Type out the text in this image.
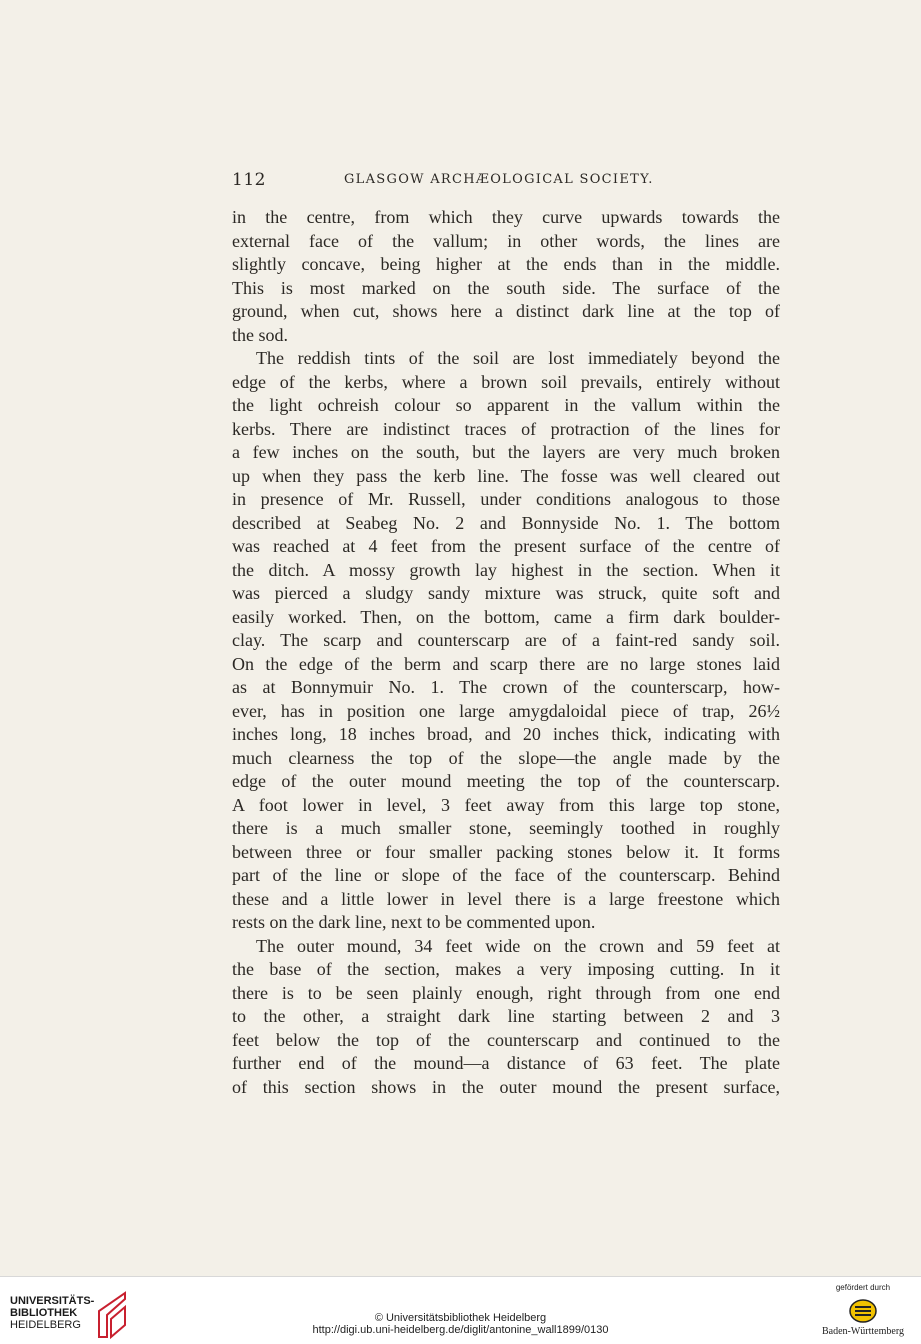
112	GLASGOW ARCHÆOLOGICAL SOCIETY.
in the centre, from which they curve upwards towards the
external face of the vallum; in other words, the lines are
slightly concave, being higher at the ends than in the middle.
This is most marked on the south side. The surface of the
ground, when cut, shows here a distinct dark line at the top of
the sod.
The reddish tints of the soil are lost immediately beyond the
edge of the kerbs, where a brown soil prevails, entirely without
the light ochreish colour so apparent in the vallum within the
kerbs. There are indistinct traces of protraction of the lines for
a few inches on the south, but the layers are very much broken
up when they pass the kerb line. The fosse was well cleared out
in presence of Mr. Russell, under conditions analogous to those
described at Seabeg No. 2 and Bonnyside No. 1. The bottom
was reached at 4 feet from the present surface of the centre of
the ditch. A mossy growth lay highest in the section. When it
was pierced a sludgy sandy mixture was struck, quite soft and
easily worked. Then, on the bottom, came a firm dark boulder-
clay. The scarp and counterscarp are of a faint-red sandy soil.
On the edge of the berm and scarp there are no large stones laid
as at Bonnymuir No. 1. The crown of the counterscarp, how-
ever, has in position one large amygdaloidal piece of trap, 26½
inches long, 18 inches broad, and 20 inches thick, indicating with
much clearness the top of the slope—the angle made by the
edge of the outer mound meeting the top of the counterscarp.
A foot lower in level, 3 feet away from this large top stone,
there is a much smaller stone, seemingly toothed in roughly
between three or four smaller packing stones below it. It forms
part of the line or slope of the face of the counterscarp. Behind
these and a little lower in level there is a large freestone which
rests on the dark line, next to be commented upon.
The outer mound, 34 feet wide on the crown and 59 feet at
the base of the section, makes a very imposing cutting. In it
there is to be seen plainly enough, right through from one end
to the other, a straight dark line starting between 2 and 3
feet below the top of the counterscarp and continued to the
further end of the mound—a distance of 63 feet. The plate
of this section shows in the outer mound the present surface,
UNIVERSITÄTS-
BIBLIOTHEK
HEIDELBERG
© Universitätsbibliothek Heidelberg
http://digi.ub.uni-heidelberg.de/diglit/antonine_wall1899/0130
gefördert durch
Baden-Württemberg
